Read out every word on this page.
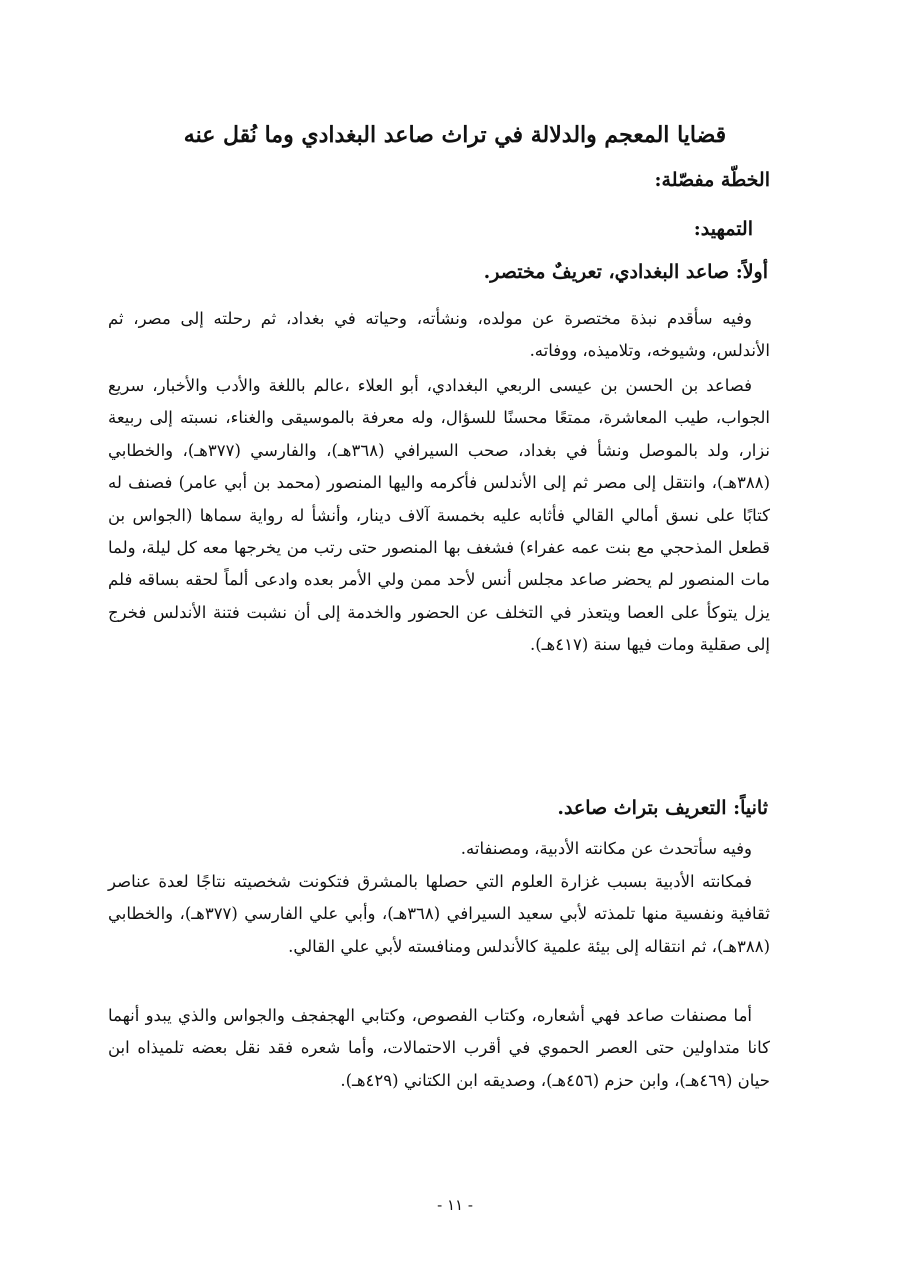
قضايا المعجم والدلالة في تراث صاعد البغدادي وما نُقل عنه
الخطّة مفصّلة:
التمهيد:
أولاً: صاعد البغدادي، تعريفٌ مختصر.

وفيه سأقدم نبذة مختصرة عن مولده، ونشأته، وحياته في بغداد، ثم رحلته إلى مصر، ثم الأندلس، وشيوخه، وتلاميذه، ووفاته.

فصاعد بن الحسن بن عيسى الربعي البغدادي، أبو العلاء ،عالم باللغة والأدب والأخبار، سريع الجواب، طيب المعاشرة، ممتعًا محسنًا للسؤال، وله معرفة بالموسيقى والغناء، نسبته إلى ربيعة نزار، ولد بالموصل ونشأ في بغداد، صحب السيرافي (٣٦٨هـ)، والفارسي (٣٧٧هـ)، والخطابي (٣٨٨هـ)، وانتقل إلى مصر ثم إلى الأندلس فأكرمه واليها المنصور (محمد بن أبي عامر) فصنف له كتابًا على نسق أمالي القالي فأثابه عليه بخمسة آلاف دينار، وأنشأ له رواية سماها (الجواس بن قطعل المذحجي مع بنت عمه عفراء) فشغف بها المنصور حتى رتب من يخرجها معه كل ليلة، ولما مات المنصور لم يحضر صاعد مجلس أنس لأحد ممن ولي الأمر بعده وادعى ألماً لحقه بساقه فلم يزل يتوكأ على العصا ويتعذر في التخلف عن الحضور والخدمة إلى أن نشبت فتنة الأندلس فخرج إلى صقلية ومات فيها سنة (٤١٧هـ).

ثانياً: التعريف بتراث صاعد.

وفيه سأتحدث عن مكانته الأدبية، ومصنفاته.

فمكانته الأدبية بسبب غزارة العلوم التي حصلها بالمشرق فتكونت شخصيته نتاجًا لعدة عناصر ثقافية ونفسية منها تلمذته لأبي سعيد السيرافي (٣٦٨هـ)، وأبي علي الفارسي (٣٧٧هـ)، والخطابي (٣٨٨هـ)، ثم انتقاله إلى بيئة علمية كالأندلس ومنافسته لأبي علي القالي.

أما مصنفات صاعد فهي أشعاره، وكتاب الفصوص، وكتابي الهجفجف والجواس والذي يبدو أنهما كانا متداولين حتى العصر الحموي في أقرب الاحتمالات، وأما شعره فقد نقل بعضه تلميذاه ابن حيان (٤٦٩هـ)، وابن حزم (٤٥٦هـ)، وصديقه ابن الكتاني (٤٢٩هـ).

- ١١ -
